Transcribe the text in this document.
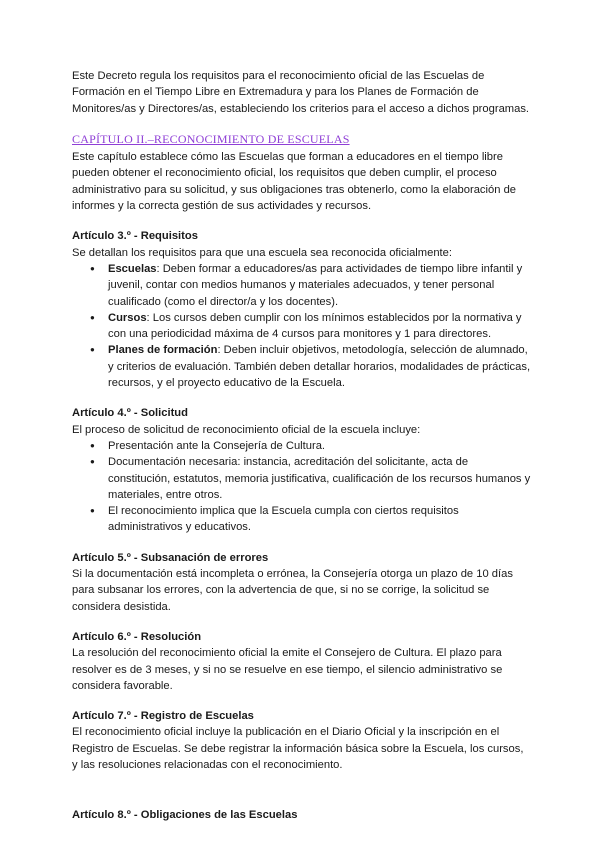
Este Decreto regula los requisitos para el reconocimiento oficial de las Escuelas de Formación en el Tiempo Libre en Extremadura y para los Planes de Formación de Monitores/as y Directores/as, estableciendo los criterios para el acceso a dichos programas.

CAPÍTULO II.–RECONOCIMIENTO DE ESCUELAS

Este capítulo establece cómo las Escuelas que forman a educadores en el tiempo libre pueden obtener el reconocimiento oficial, los requisitos que deben cumplir, el proceso administrativo para su solicitud, y sus obligaciones tras obtenerlo, como la elaboración de informes y la correcta gestión de sus actividades y recursos.

Artículo 3.º - Requisitos

Se detallan los requisitos para que una escuela sea reconocida oficialmente:

● Escuelas: Deben formar a educadores/as para actividades de tiempo libre infantil y juvenil, contar con medios humanos y materiales adecuados, y tener personal cualificado (como el director/a y los docentes).
● Cursos: Los cursos deben cumplir con los mínimos establecidos por la normativa y con una periodicidad máxima de 4 cursos para monitores y 1 para directores.
● Planes de formación: Deben incluir objetivos, metodología, selección de alumnado, y criterios de evaluación. También deben detallar horarios, modalidades de prácticas, recursos, y el proyecto educativo de la Escuela.

Artículo 4.º - Solicitud

El proceso de solicitud de reconocimiento oficial de la escuela incluye:

● Presentación ante la Consejería de Cultura.
● Documentación necesaria: instancia, acreditación del solicitante, acta de constitución, estatutos, memoria justificativa, cualificación de los recursos humanos y materiales, entre otros.
● El reconocimiento implica que la Escuela cumpla con ciertos requisitos administrativos y educativos.

Artículo 5.º - Subsanación de errores

Si la documentación está incompleta o errónea, la Consejería otorga un plazo de 10 días para subsanar los errores, con la advertencia de que, si no se corrige, la solicitud se considera desistida.

Artículo 6.º - Resolución

La resolución del reconocimiento oficial la emite el Consejero de Cultura. El plazo para resolver es de 3 meses, y si no se resuelve en ese tiempo, el silencio administrativo se considera favorable.

Artículo 7.º - Registro de Escuelas

El reconocimiento oficial incluye la publicación en el Diario Oficial y la inscripción en el Registro de Escuelas. Se debe registrar la información básica sobre la Escuela, los cursos, y las resoluciones relacionadas con el reconocimiento.

Artículo 8.º - Obligaciones de las Escuelas
